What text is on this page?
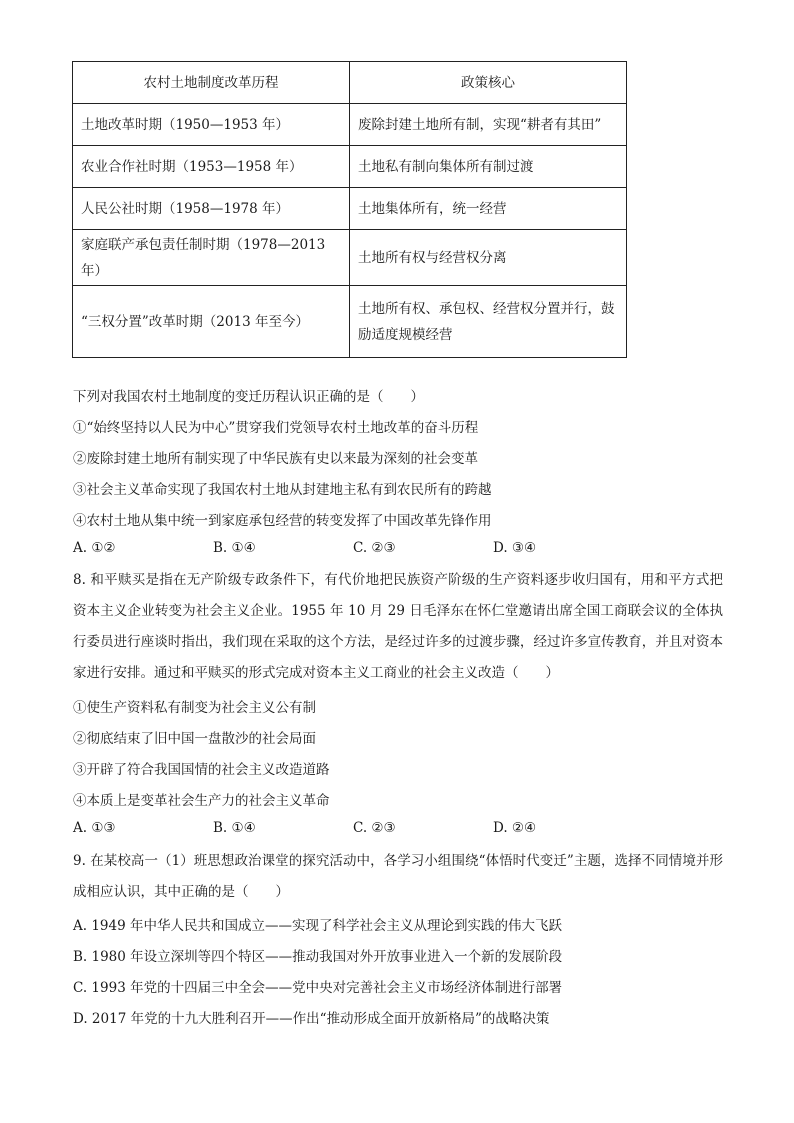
农村土地制度改革历程	政策核心
土地改革时期（1950—1953 年）	废除封建土地所有制，实现“耕者有其田”
农业合作社时期（1953—1958 年）	土地私有制向集体所有制过渡
人民公社时期（1958—1978 年）	土地集体所有，统一经营
家庭联产承包责任制时期（1978—2013 年）	土地所有权与经营权分离
“三权分置”改革时期（2013 年至今）	土地所有权、承包权、经营权分置并行，鼓励适度规模经营
下列对我国农村土地制度的变迁历程认识正确的是（　　）
①“始终坚持以人民为中心”贯穿我们党领导农村土地改革的奋斗历程
②废除封建土地所有制实现了中华民族有史以来最为深刻的社会变革
③社会主义革命实现了我国农村土地从封建地主私有到农民所有的跨越
④农村土地从集中统一到家庭承包经营的转变发挥了中国改革先锋作用
A. ①②	B. ①④	C. ②③	D. ③④
8. 和平赎买是指在无产阶级专政条件下，有代价地把民族资产阶级的生产资料逐步收归国有，用和平方式把资本主义企业转变为社会主义企业。1955 年 10 月 29 日毛泽东在怀仁堂邀请出席全国工商联会议的全体执行委员进行座谈时指出，我们现在采取的这个方法，是经过许多的过渡步骤，经过许多宣传教育，并且对资本家进行安排。通过和平赎买的形式完成对资本主义工商业的社会主义改造（　　）
①使生产资料私有制变为社会主义公有制
②彻底结束了旧中国一盘散沙的社会局面
③开辟了符合我国国情的社会主义改造道路
④本质上是变革社会生产力的社会主义革命
A. ①③	B. ①④	C. ②③	D. ②④
9. 在某校高一（1）班思想政治课堂的探究活动中，各学习小组围绕“体悟时代变迁”主题，选择不同情境并形成相应认识，其中正确的是（　　）
A. 1949 年中华人民共和国成立——实现了科学社会主义从理论到实践的伟大飞跃
B. 1980 年设立深圳等四个特区——推动我国对外开放事业进入一个新的发展阶段
C. 1993 年党的十四届三中全会——党中央对完善社会主义市场经济体制进行部署
D. 2017 年党的十九大胜利召开——作出“推动形成全面开放新格局”的战略决策
